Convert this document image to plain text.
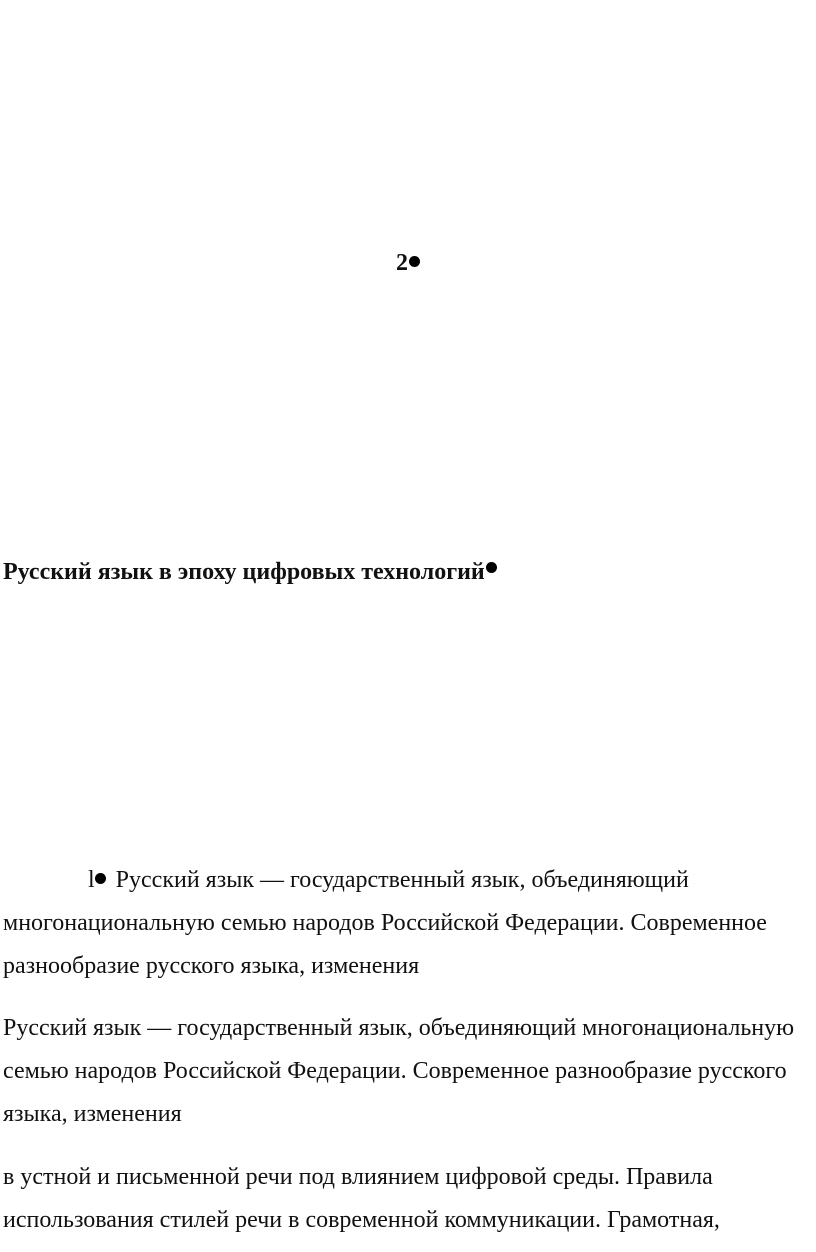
2
Русский язык в эпоху цифровых технологий

l Русский язык — государственный язык, объединяющий многонациональную семью народов Российской Федерации. Современное разнообразие русского языка, изменения

Русский язык — государственный язык, объединяющий многонациональную семью народов Российской Федерации. Современное разнообразие русского языка, изменения

в устной и письменной речи под влиянием цифровой среды. Правила использования стилей речи в современной коммуникации. Грамотная,
